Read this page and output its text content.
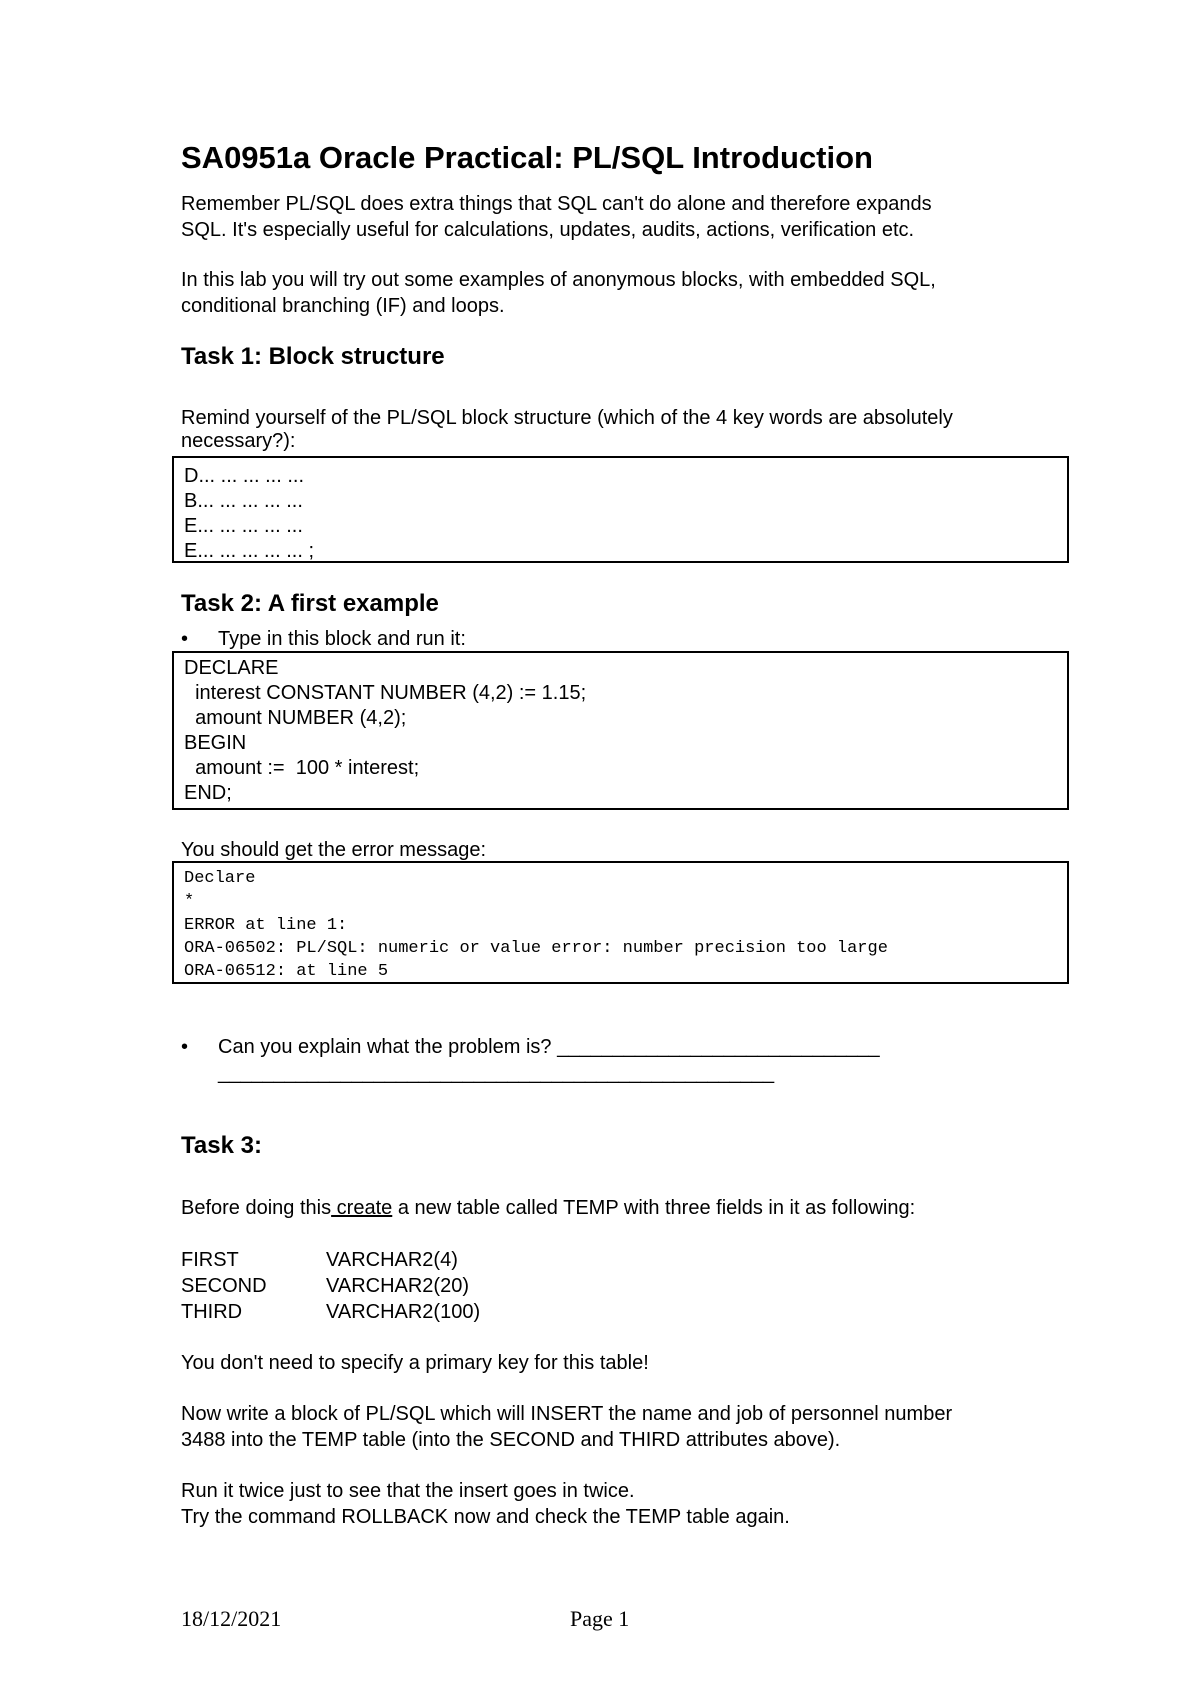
SA0951a Oracle Practical: PL/SQL Introduction
Remember PL/SQL does extra things that SQL can't do alone and therefore expands
SQL. It's especially useful for calculations, updates, audits, actions, verification etc.
In this lab you will try out some examples of anonymous blocks, with embedded SQL,
conditional branching (IF) and loops.
Task 1: Block structure
Remind yourself of the PL/SQL block structure (which of the 4 key words are absolutely
necessary?):
D... ... ... ... ...
B... ... ... ... ...
E... ... ... ... ...
E... ... ... ... ... ;
Task 2: A first example
• Type in this block and run it:
DECLARE
interest CONSTANT NUMBER (4,2) := 1.15;
amount NUMBER (4,2);
BEGIN
amount :=  100 * interest;
END;
You should get the error message:
Declare
*
ERROR at line 1:
ORA-06502: PL/SQL: numeric or value error: number precision too large
ORA-06512: at line 5
• Can you explain what the problem is? _____________________________
__________________________________________________
Task 3:
Before doing this create a new table called TEMP with three fields in it as following:
FIRST	VARCHAR2(4)
SECOND	VARCHAR2(20)
THIRD	VARCHAR2(100)
You don't need to specify a primary key for this table!
Now write a block of PL/SQL which will INSERT the name and job of personnel number
3488 into the TEMP table (into the SECOND and THIRD attributes above).
Run it twice just to see that the insert goes in twice.
Try the command ROLLBACK now and check the TEMP table again.
18/12/2021	Page 1
